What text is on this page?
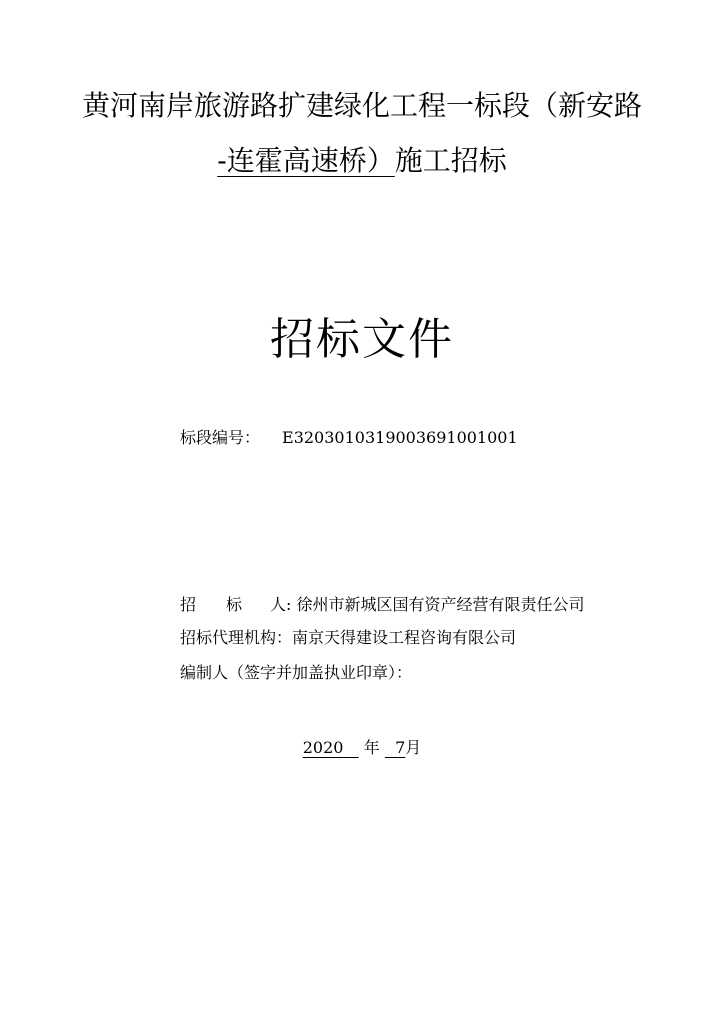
黄河南岸旅游路扩建绿化工程一标段（新安路
-连霍高速桥）施工招标
招标文件
标段编号： E3203010319003691001001
招 标 人: 徐州市新城区国有资产经营有限责任公司
招标代理机构：南京天得建设工程咨询有限公司
编制人（签字并加盖执业印章）：
2020 年 7月
